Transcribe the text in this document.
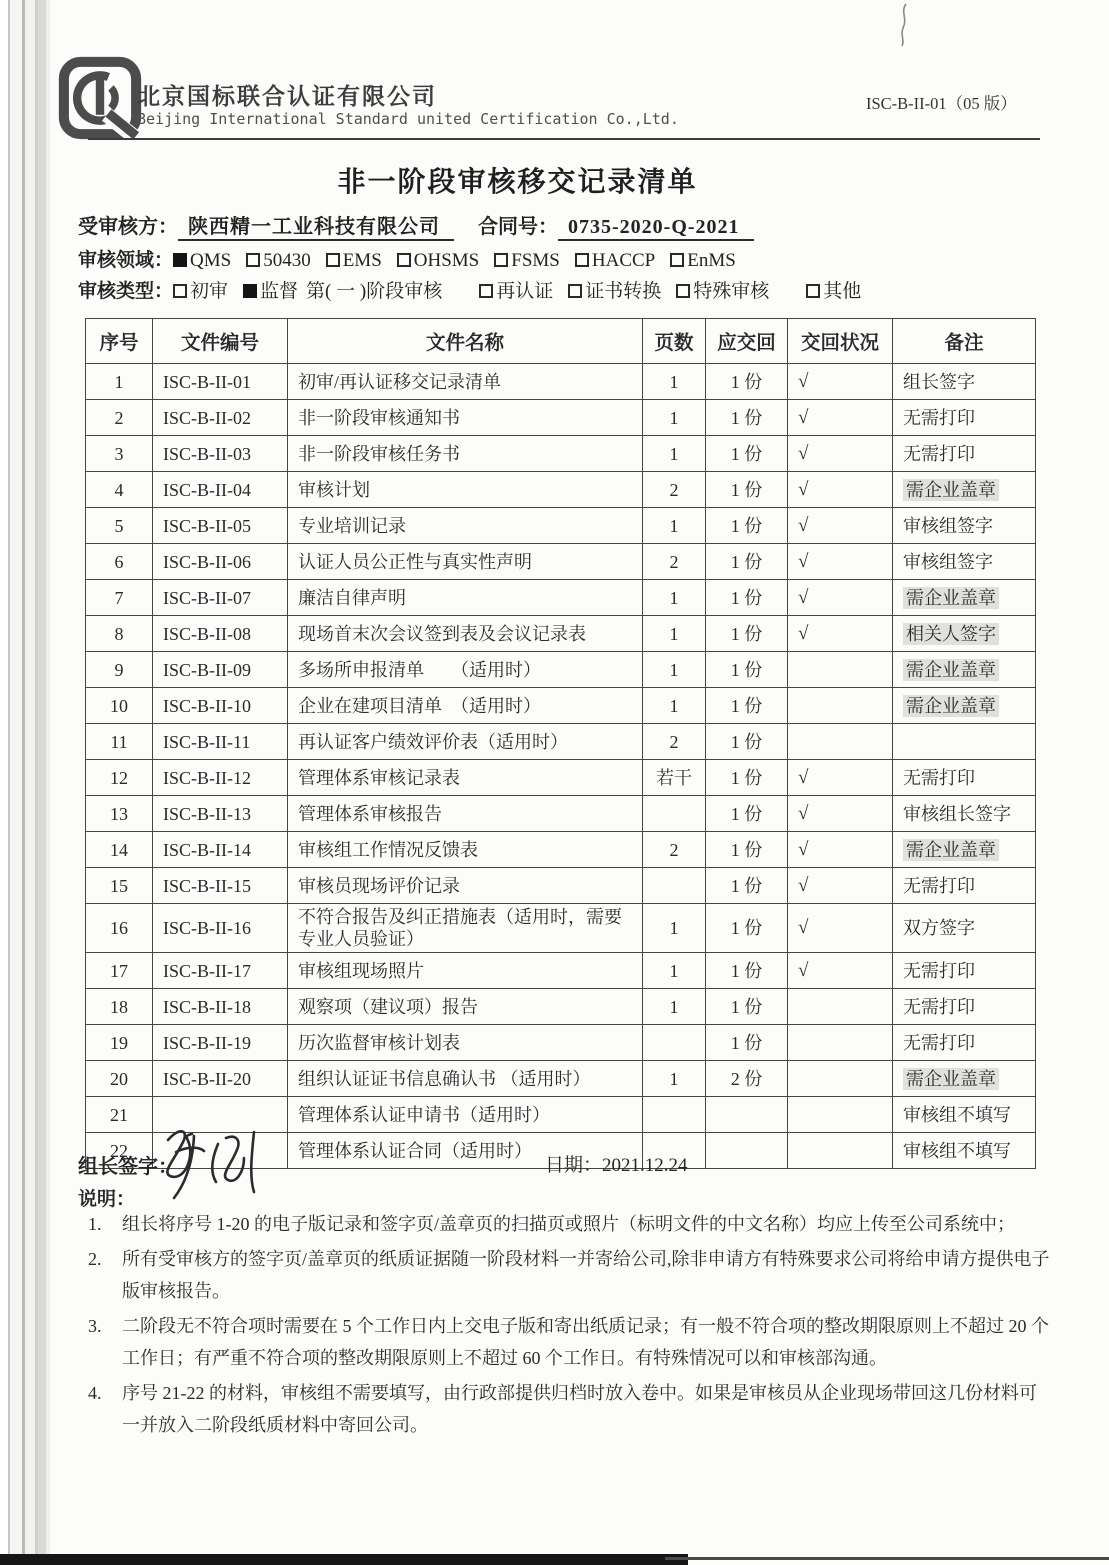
北京国标联合认证有限公司
Beijing International Standard united Certification Co.,Ltd.
ISC-B-II-01（05 版）
非一阶段审核移交记录清单
受审核方： 陕西精一工业科技有限公司 合同号： 0735-2020-Q-2021
审核领域： QMS 50430 EMS OHSMS FSMS HACCP EnMS
审核类型： 初审 监督 第( 一 )阶段审核	再认证 证书转换 特殊审核	其他
序号	文件编号	文件名称	页数	应交回	交回状况	备注
1	ISC-B-II-01	初审/再认证移交记录清单	1	1 份	√	组长签字
2	ISC-B-II-02	非一阶段审核通知书	1	1 份	√	无需打印
3	ISC-B-II-03	非一阶段审核任务书	1	1 份	√	无需打印
4	ISC-B-II-04	审核计划	2	1 份	√	需企业盖章
5	ISC-B-II-05	专业培训记录	1	1 份	√	审核组签字
6	ISC-B-II-06	认证人员公正性与真实性声明	2	1 份	√	审核组签字
7	ISC-B-II-07	廉洁自律声明	1	1 份	√	需企业盖章
8	ISC-B-II-08	现场首末次会议签到表及会议记录表	1	1 份	√	相关人签字
9	ISC-B-II-09	多场所申报清单　　（适用时）	1	1 份		需企业盖章
10	ISC-B-II-10	企业在建项目清单　（适用时）	1	1 份		需企业盖章
11	ISC-B-II-11	再认证客户绩效评价表（适用时）	2	1 份		
12	ISC-B-II-12	管理体系审核记录表	若干	1 份	√	无需打印
13	ISC-B-II-13	管理体系审核报告		1 份	√	审核组长签字
14	ISC-B-II-14	审核组工作情况反馈表	2	1 份	√	需企业盖章
15	ISC-B-II-15	审核员现场评价记录		1 份	√	无需打印
16	ISC-B-II-16	不符合报告及纠正措施表（适用时，需要专业人员验证）	1	1 份	√	双方签字
17	ISC-B-II-17	审核组现场照片	1	1 份	√	无需打印
18	ISC-B-II-18	观察项（建议项）报告	1	1 份		无需打印
19	ISC-B-II-19	历次监督审核计划表		1 份		无需打印
20	ISC-B-II-20	组织认证证书信息确认书 （适用时）	1	2 份		需企业盖章
21		管理体系认证申请书（适用时）				审核组不填写
22		管理体系认证合同（适用时）				审核组不填写
组长签字：	日期：2021.12.24
说明：
1.	组长将序号 1-20 的电子版记录和签字页/盖章页的扫描页或照片（标明文件的中文名称）均应上传至公司系统中；
2.	所有受审核方的签字页/盖章页的纸质证据随一阶段材料一并寄给公司,除非申请方有特殊要求公司将给申请方提供电子版审核报告。
3.	二阶段无不符合项时需要在 5 个工作日内上交电子版和寄出纸质记录；有一般不符合项的整改期限原则上不超过 20 个工作日；有严重不符合项的整改期限原则上不超过 60 个工作日。有特殊情况可以和审核部沟通。
4.	序号 21-22 的材料，审核组不需要填写，由行政部提供归档时放入卷中。如果是审核员从企业现场带回这几份材料可一并放入二阶段纸质材料中寄回公司。
